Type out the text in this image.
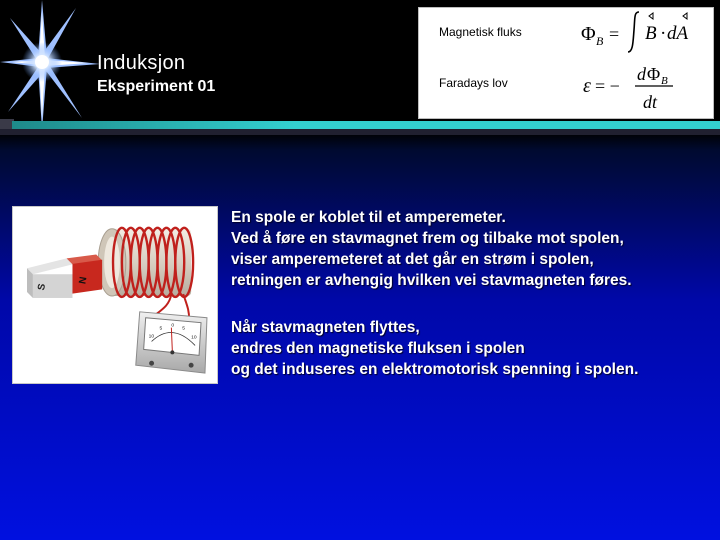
Induksjon
Eksperiment 01
Magnetisk fluks
Faradays lov
Φ B = B · dA
ε = −
d Φ B
dt
S
N
10
5
0
5
10
En spole er koblet til et amperemeter.
Ved å føre en stavmagnet frem og tilbake mot spolen,
viser amperemeteret at det går en strøm i spolen,
retningen er avhengig hvilken vei stavmagneten føres.
Når stavmagneten flyttes,
endres den magnetiske fluksen i spolen
og det induseres en elektromotorisk spenning i spolen.
